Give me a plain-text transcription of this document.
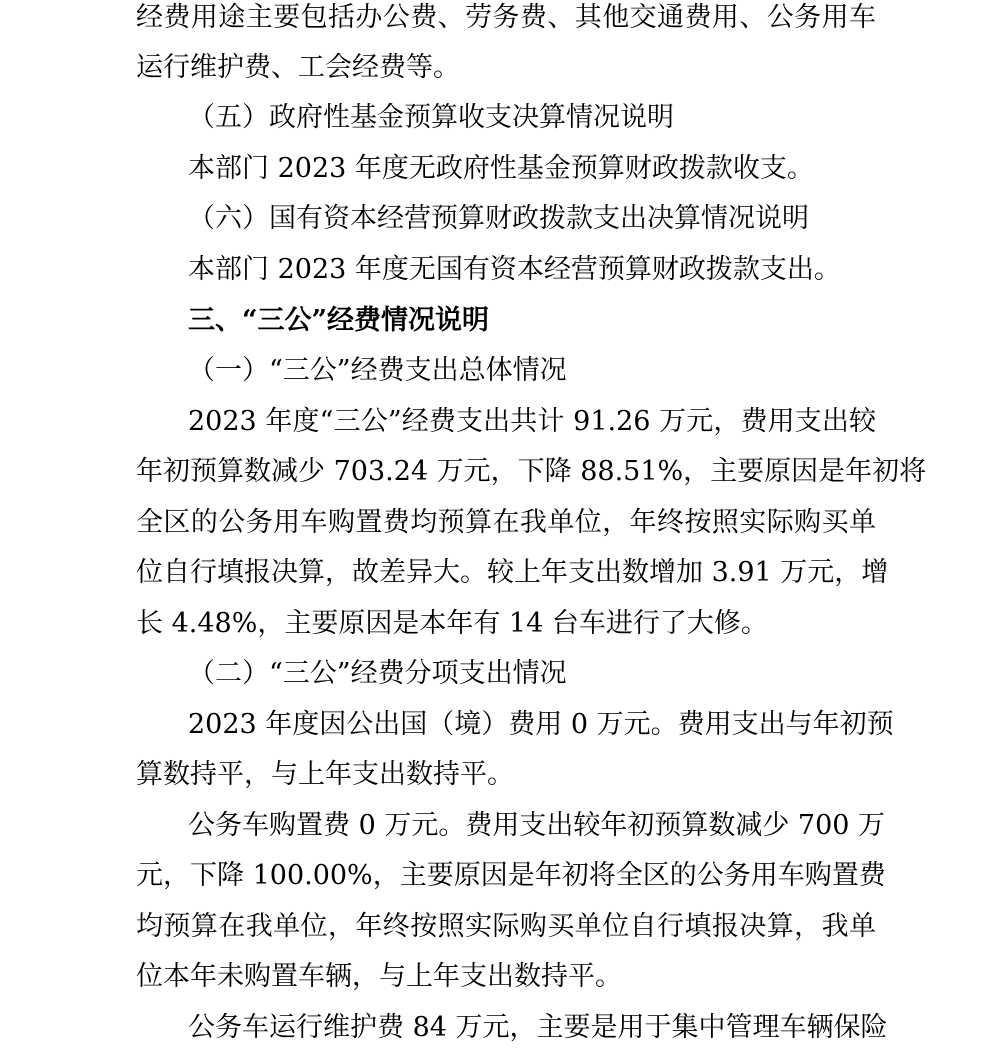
经费用途主要包括办公费、劳务费、其他交通费用、公务用车
运行维护费、工会经费等。
（五）政府性基金预算收支决算情况说明
本部门 2023 年度无政府性基金预算财政拨款收支。
（六）国有资本经营预算财政拨款支出决算情况说明
本部门 2023 年度无国有资本经营预算财政拨款支出。
三、“三公”经费情况说明
（一）“三公”经费支出总体情况
2023 年度“三公”经费支出共计 91.26 万元，费用支出较
年初预算数减少 703.24 万元，下降 88.51%，主要原因是年初将
全区的公务用车购置费均预算在我单位，年终按照实际购买单
位自行填报决算，故差异大。较上年支出数增加 3.91 万元，增
长 4.48%，主要原因是本年有 14 台车进行了大修。
（二）“三公”经费分项支出情况
2023 年度因公出国（境）费用 0 万元。费用支出与年初预
算数持平，与上年支出数持平。
公务车购置费 0 万元。费用支出较年初预算数减少 700 万
元，下降 100.00%，主要原因是年初将全区的公务用车购置费
均预算在我单位，年终按照实际购买单位自行填报决算，我单
位本年未购置车辆，与上年支出数持平。
公务车运行维护费 84 万元，主要是用于集中管理车辆保险
